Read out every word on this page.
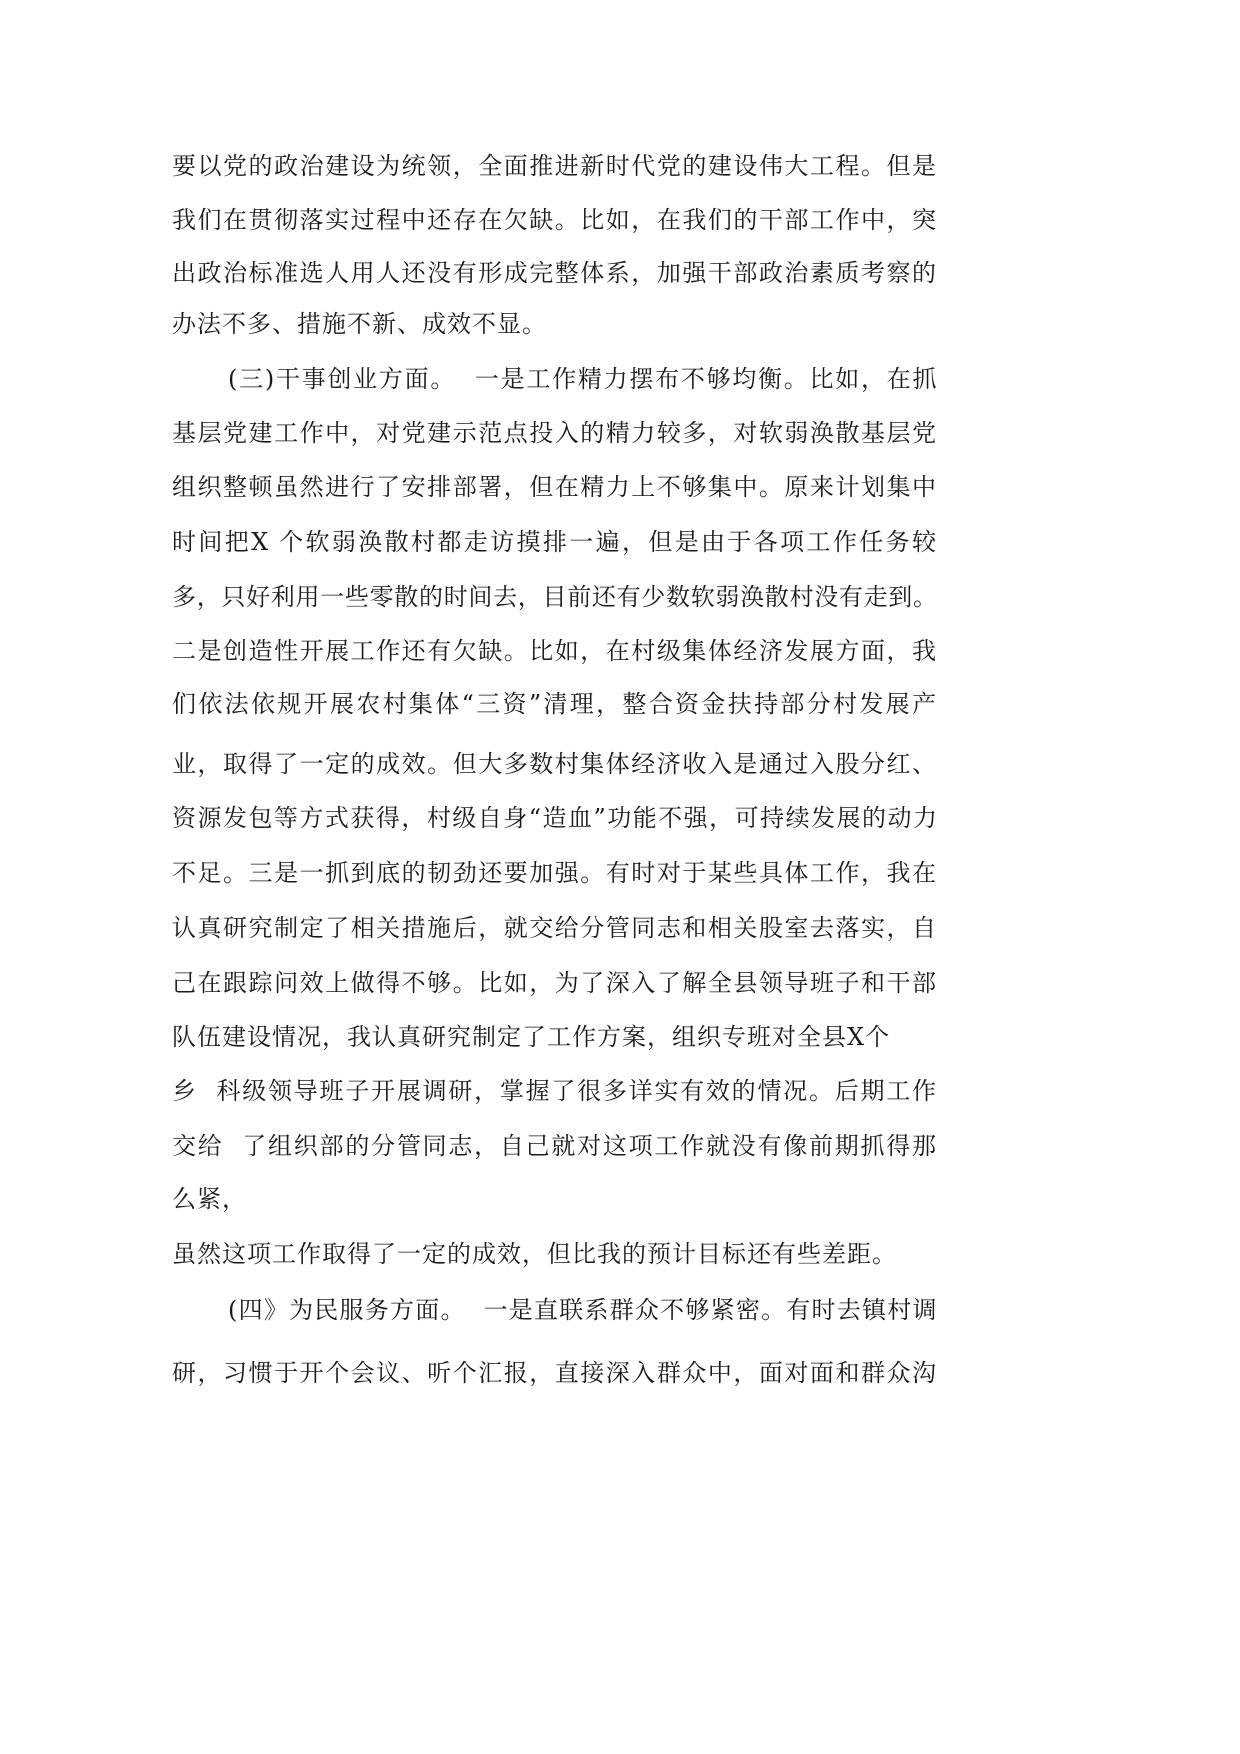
要以党的政治建设为统领，全面推进新时代党的建设伟大工程。但是
我们在贯彻落实过程中还存在欠缺。比如，在我们的干部工作中，突
出政治标准选人用人还没有形成完整体系，加强干部政治素质考察的
办法不多、措施不新、成效不显。
(三)干事创业方面。  一是工作精力摆布不够均衡。比如，在抓
基层党建工作中，对党建示范点投入的精力较多，对软弱涣散基层党
组织整顿虽然进行了安排部署，但在精力上不够集中。原来计划集中
时间把X 个软弱涣散村都走访摸排一遍，但是由于各项工作任务较
多，只好利用一些零散的时间去，目前还有少数软弱涣散村没有走到。
二是创造性开展工作还有欠缺。比如，在村级集体经济发展方面，我
们依法依规开展农村集体“三资”清理，整合资金扶持部分村发展产
业，取得了一定的成效。但大多数村集体经济收入是通过入股分红、
资源发包等方式获得，村级自身“造血”功能不强，可持续发展的动力
不足。三是一抓到底的韧劲还要加强。有时对于某些具体工作，我在
认真研究制定了相关措施后，就交给分管同志和相关股室去落实，自
己在跟踪问效上做得不够。比如，为了深入了解全县领导班子和干部
队伍建设情况，我认真研究制定了工作方案，组织专班对全县X个
乡  科级领导班子开展调研，掌握了很多详实有效的情况。后期工作
交给  了组织部的分管同志，自己就对这项工作就没有像前期抓得那
么紧，
虽然这项工作取得了一定的成效，但比我的预计目标还有些差距。
(四》为民服务方面。  一是直联系群众不够紧密。有时去镇村调
研，习惯于开个会议、听个汇报，直接深入群众中，面对面和群众沟
